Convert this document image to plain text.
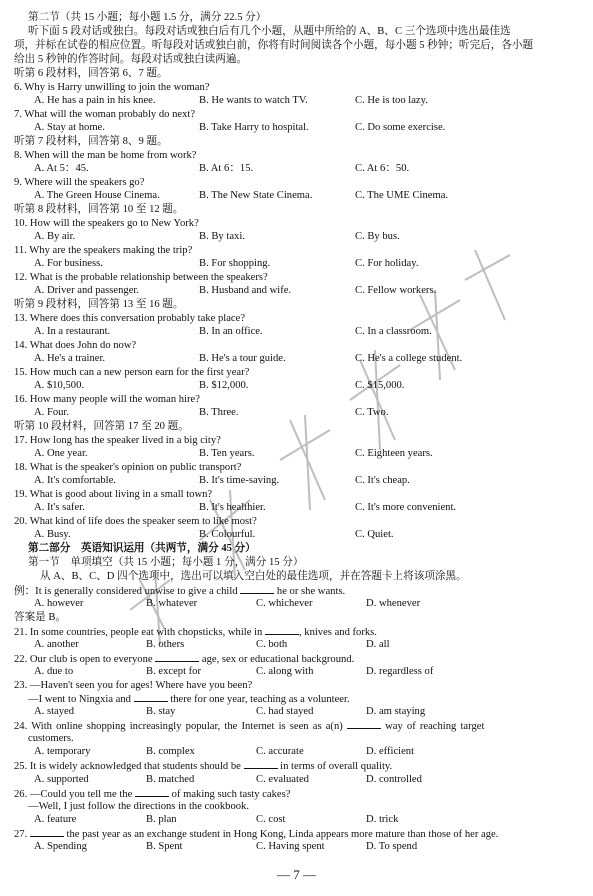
第二节（共 15 小题；每小题 1.5 分，满分 22.5 分）
听下面 5 段对话或独白。每段对话或独白后有几个小题，从题中所给的 A、B、C 三个选项中选出最佳选
项，并标在试卷的相应位置。听每段对话或独白前，你将有时间阅读各个小题，每小题 5 秒钟；听完后，各小题
给出 5 秒钟的作答时间。每段对话或独白读两遍。
听第 6 段材料，回答第 6、7 题。
6. Why is Harry unwilling to join the woman?
A. He has a pain in his knee.	B. He wants to watch TV.	C. He is too lazy.
7. What will the woman probably do next?
A. Stay at home.	B. Take Harry to hospital.	C. Do some exercise.
听第 7 段材料，回答第 8、9 题。
8. When will the man be home from work?
A. At 5：45.	B. At 6：15.	C. At 6：50.
9. Where will the speakers go?
A. The Green House Cinema.	B. The New State Cinema.	C. The UME Cinema.
听第 8 段材料，回答第 10 至 12 题。
10. How will the speakers go to New York?
A. By air.	B. By taxi.	C. By bus.
11. Why are the speakers making the trip?
A. For business.	B. For shopping.	C. For holiday.
12. What is the probable relationship between the speakers?
A. Driver and passenger.	B. Husband and wife.	C. Fellow workers.
听第 9 段材料，回答第 13 至 16 题。
13. Where does this conversation probably take place?
A. In a restaurant.	B. In an office.	C. In a classroom.
14. What does John do now?
A. He's a trainer.	B. He's a tour guide.	C. He's a college student.
15. How much can a new person earn for the first year?
A. $10,500.	B. $12,000.	C. $15,000.
16. How many people will the woman hire?
A. Four.	B. Three.	C. Two.
听第 10 段材料，回答第 17 至 20 题。
17. How long has the speaker lived in a big city?
A. One year.	B. Ten years.	C. Eighteen years.
18. What is the speaker's opinion on public transport?
A. It's comfortable.	B. It's time-saving.	C. It's cheap.
19. What is good about living in a small town?
A. It's safer.	B. It's healthier.	C. It's more convenient.
20. What kind of life does the speaker seem to like most?
A. Busy.	B. Colourful.	C. Quiet.
第二部分　英语知识运用（共两节，满分 45 分）
第一节　单项填空（共 15 小题；每小题 1 分，满分 15 分）
从 A、B、C、D 四个选项中，选出可以填入空白处的最佳选项，并在答题卡上将该项涂黑。
例：It is generally considered unwise to give a child	he or she wants.
A. however	B. whatever	C. whichever	D. whenever
答案是 B。
21. In some countries, people eat with chopsticks, while in	, knives and forks.
A. another	B. others	C. both	D. all
22. Our club is open to everyone	age, sex or educational background.
A. due to	B. except for	C. along with	D. regardless of
23. —Haven't seen you for ages! Where have you been?
—I went to Ningxia and	there for one year, teaching as a volunteer.
A. stayed	B. stay	C. had stayed	D. am staying
24. With online shopping increasingly popular, the Internet is seen as a(n)	way of reaching target
customers.
A. temporary	B. complex	C. accurate	D. efficient
25. It is widely acknowledged that students should be	in terms of overall quality.
A. supported	B. matched	C. evaluated	D. controlled
26. —Could you tell me the	of making such tasty cakes?
—Well, I just follow the directions in the cookbook.
A. feature	B. plan	C. cost	D. trick
27.	the past year as an exchange student in Hong Kong, Linda appears more mature than those of her age.
A. Spending	B. Spent	C. Having spent	D. To spend
— 7 —
